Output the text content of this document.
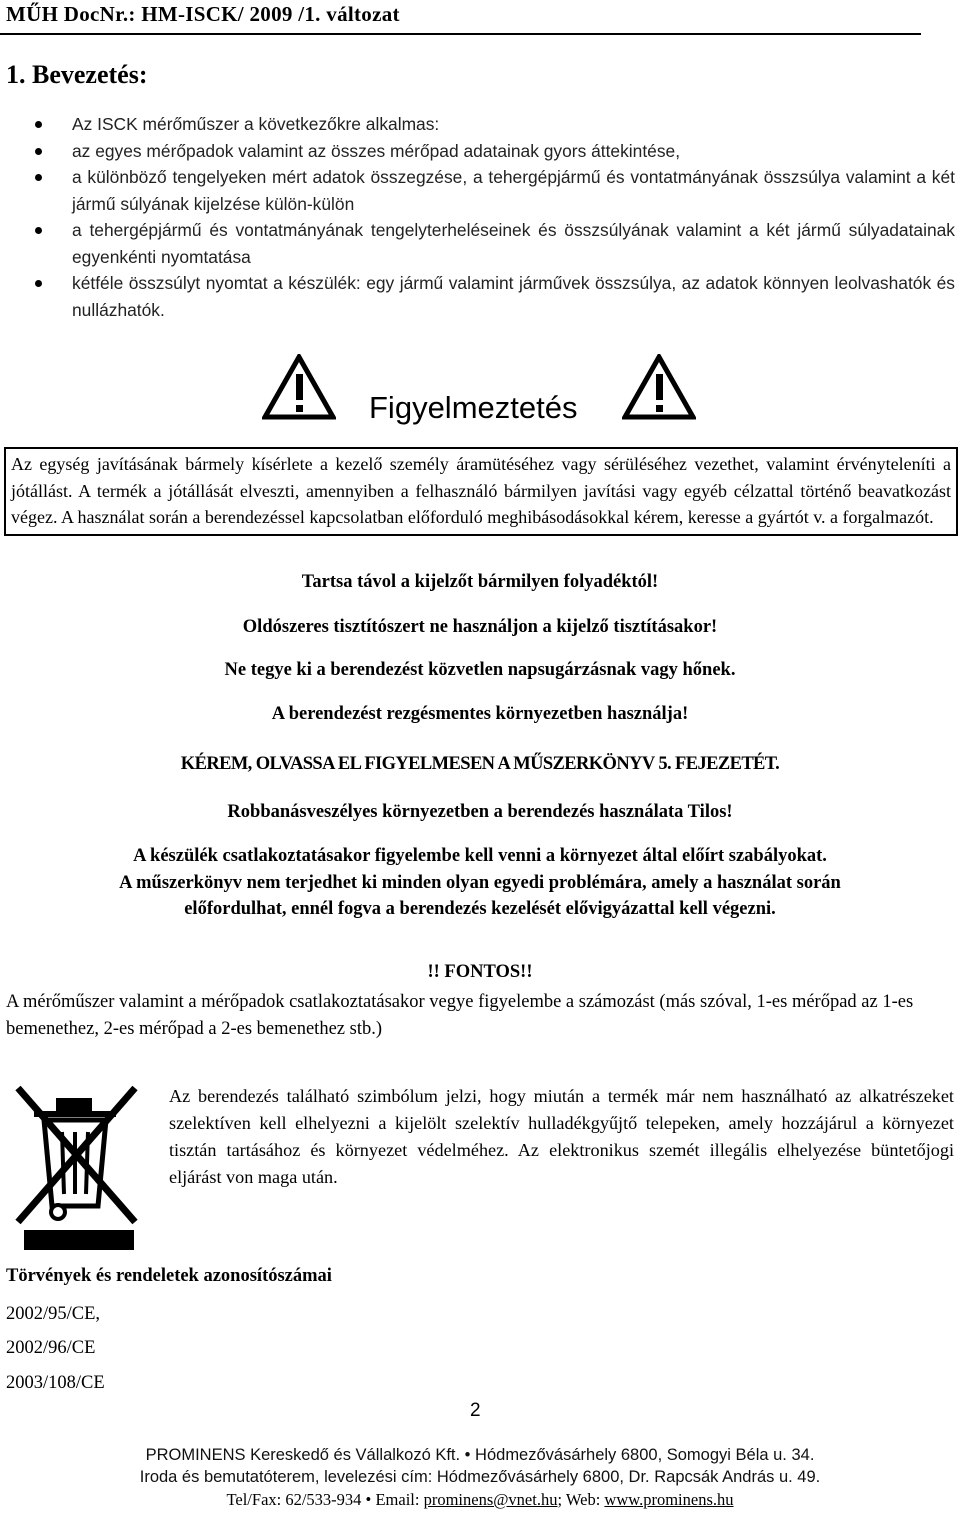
MŰH DocNr.: HM-ISCK/ 2009 /1. változat
1. Bevezetés:
Az ISCK mérőműszer a következőkre alkalmas:
az egyes mérőpadok valamint az összes mérőpad adatainak gyors áttekintése,
a különböző tengelyeken mért adatok összegzése, a tehergépjármű és vontatmányának összsúlya valamint a két jármű súlyának kijelzése külön-külön
a tehergépjármű és vontatmányának tengelyterheléseinek és összsúlyának valamint a két jármű súlyadatainak egyenkénti nyomtatása
kétféle összsúlyt nyomtat a készülék: egy jármű valamint járművek összsúlya, az adatok könnyen leolvashatók és nullázhatók.
Figyelmeztetés
Az egység javításának bármely kísérlete a kezelő személy áramütéséhez vagy sérüléséhez vezethet, valamint érvényteleníti a jótállást. A termék a jótállását elveszti, amennyiben a felhasználó bármilyen javítási vagy egyéb célzattal történő beavatkozást végez. A használat során a berendezéssel kapcsolatban előforduló meghibásodásokkal kérem, keresse a gyártót v. a forgalmazót.
Tartsa távol a kijelzőt bármilyen folyadéktól!
Oldószeres tisztítószert ne használjon a kijelző tisztításakor!
Ne tegye ki a berendezést közvetlen napsugárzásnak vagy hőnek.
A berendezést rezgésmentes környezetben használja!
KÉREM, OLVASSA EL FIGYELMESEN A MŰSZERKÖNYV 5. FEJEZETÉT.
Robbanásveszélyes környezetben a berendezés használata Tilos!
A készülék csatlakoztatásakor figyelembe kell venni a környezet által előírt szabályokat.
A műszerkönyv nem terjedhet ki minden olyan egyedi problémára, amely a használat során
előfordulhat, ennél fogva a berendezés kezelését elővigyázattal kell végezni.
!! FONTOS!!
A mérőműszer valamint a mérőpadok csatlakoztatásakor vegye figyelembe a számozást (más szóval, 1-es mérőpad az 1-es bemenethez, 2-es mérőpad a 2-es bemenethez stb.)
Az berendezés található szimbólum jelzi, hogy miután a termék már nem használható az alkatrészeket szelektíven kell elhelyezni a kijelölt szelektív hulladékgyűjtő telepeken, amely hozzájárul a környezet tisztán tartásához és környezet védelméhez. Az elektronikus szemét illegális elhelyezése büntetőjogi eljárást von maga után.
Törvények és rendeletek azonosítószámai
2002/95/CE,
2002/96/CE
2003/108/CE
2
PROMINENS Kereskedő és Vállalkozó Kft. • Hódmezővásárhely 6800, Somogyi Béla u. 34.
Iroda és bemutatóterem, levelezési cím: Hódmezővásárhely 6800, Dr. Rapcsák András u. 49.
Tel/Fax: 62/533-934 • Email: prominens@vnet.hu; Web: www.prominens.hu
